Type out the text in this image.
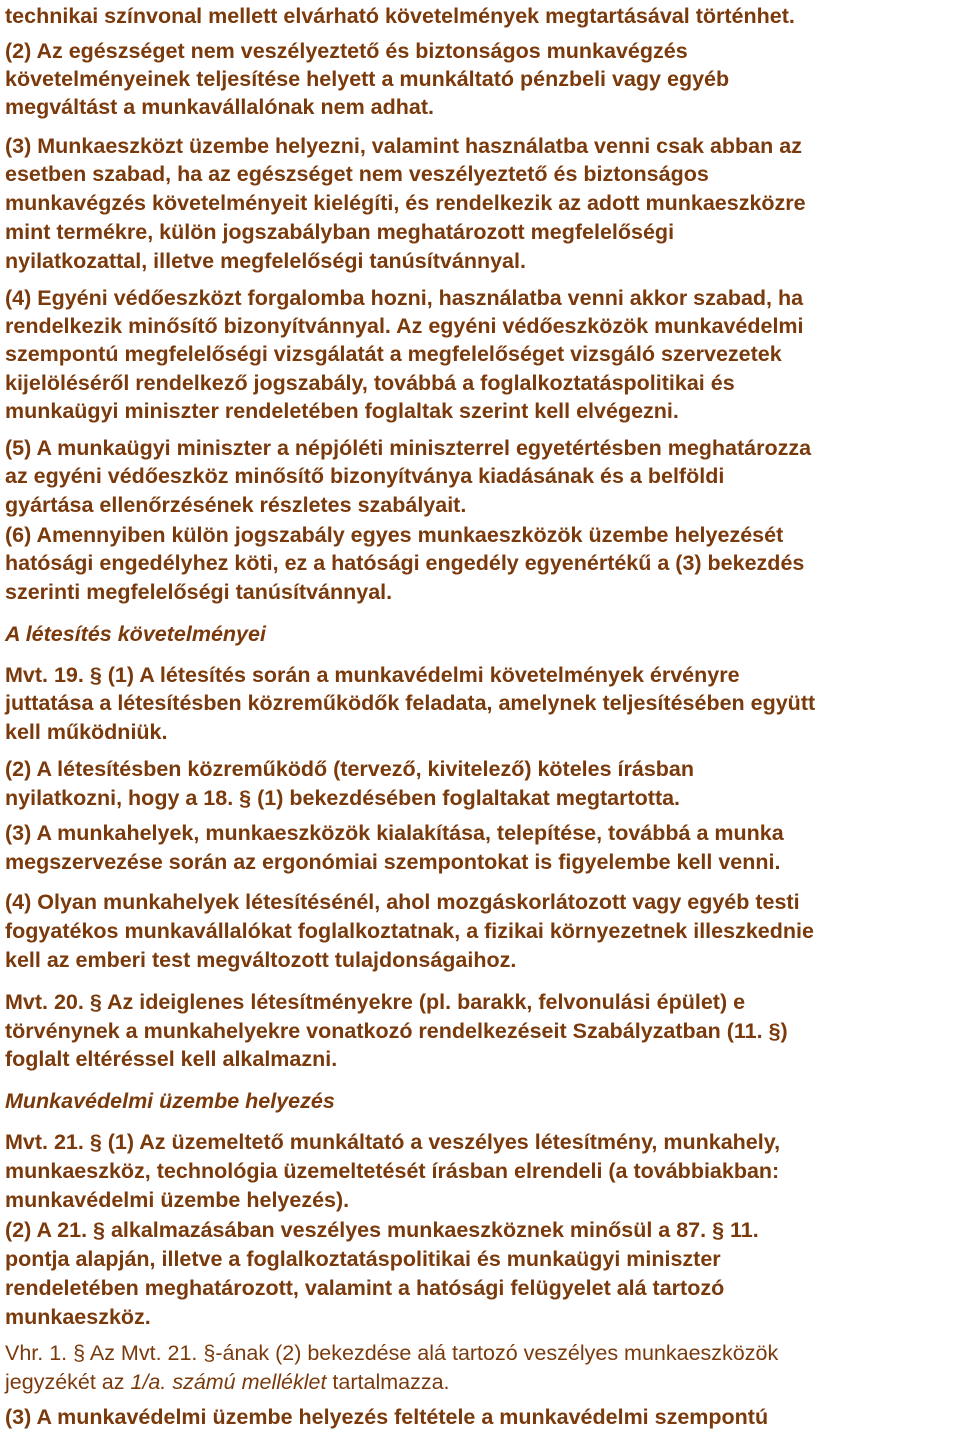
technikai színvonal mellett elvárható követelmények megtartásával történhet.
(2) Az egészséget nem veszélyeztető és biztonságos munkavégzés
követelményeinek teljesítése helyett a munkáltató pénzbeli vagy egyéb
megváltást a munkavállalónak nem adhat.
(3) Munkaeszközt üzembe helyezni, valamint használatba venni csak abban az
esetben szabad, ha az egészséget nem veszélyeztető és biztonságos
munkavégzés követelményeit kielégíti, és rendelkezik az adott munkaeszközre
mint termékre, külön jogszabályban meghatározott megfelelőségi
nyilatkozattal, illetve megfelelőségi tanúsítvánnyal.
(4) Egyéni védőeszközt forgalomba hozni, használatba venni akkor szabad, ha
rendelkezik minősítő bizonyítvánnyal. Az egyéni védőeszközök munkavédelmi
szempontú megfelelőségi vizsgálatát a megfelelőséget vizsgáló szervezetek
kijelöléséről rendelkező jogszabály, továbbá a foglalkoztatáspolitikai és
munkaügyi miniszter rendeletében foglaltak szerint kell elvégezni.
(5) A munkaügyi miniszter a népjóléti miniszterrel egyetértésben meghatározza
az egyéni védőeszköz minősítő bizonyítványa kiadásának és a belföldi
gyártása ellenőrzésének részletes szabályait.
(6) Amennyiben külön jogszabály egyes munkaeszközök üzembe helyezését
hatósági engedélyhez köti, ez a hatósági engedély egyenértékű a (3) bekezdés
szerinti megfelelőségi tanúsítvánnyal.
A létesítés követelményei
Mvt. 19. § (1) A létesítés során a munkavédelmi követelmények érvényre
juttatása a létesítésben közreműködők feladata, amelynek teljesítésében együtt
kell működniük.
(2) A létesítésben közreműködő (tervező, kivitelező) köteles írásban
nyilatkozni, hogy a 18. § (1) bekezdésében foglaltakat megtartotta.
(3) A munkahelyek, munkaeszközök kialakítása, telepítése, továbbá a munka
megszervezése során az ergonómiai szempontokat is figyelembe kell venni.
(4) Olyan munkahelyek létesítésénél, ahol mozgáskorlátozott vagy egyéb testi
fogyatékos munkavállalókat foglalkoztatnak, a fizikai környezetnek illeszkednie
kell az emberi test megváltozott tulajdonságaihoz.
Mvt. 20. § Az ideiglenes létesítményekre (pl. barakk, felvonulási épület) e
törvénynek a munkahelyekre vonatkozó rendelkezéseit Szabályzatban (11. §)
foglalt eltéréssel kell alkalmazni.
Munkavédelmi üzembe helyezés
Mvt. 21. § (1) Az üzemeltető munkáltató a veszélyes létesítmény, munkahely,
munkaeszköz, technológia üzemeltetését írásban elrendeli (a továbbiakban:
munkavédelmi üzembe helyezés).
(2) A 21. § alkalmazásában veszélyes munkaeszköznek minősül a 87. § 11.
pontja alapján, illetve a foglalkoztatáspolitikai és munkaügyi miniszter
rendeletében meghatározott, valamint a hatósági felügyelet alá tartozó
munkaeszköz.
Vhr. 1. § Az Mvt. 21. §-ának (2) bekezdése alá tartozó veszélyes munkaeszközök
jegyzékét az 1/a. számú melléklet tartalmazza.
(3) A munkavédelmi üzembe helyezés feltétele a munkavédelmi szempontú
